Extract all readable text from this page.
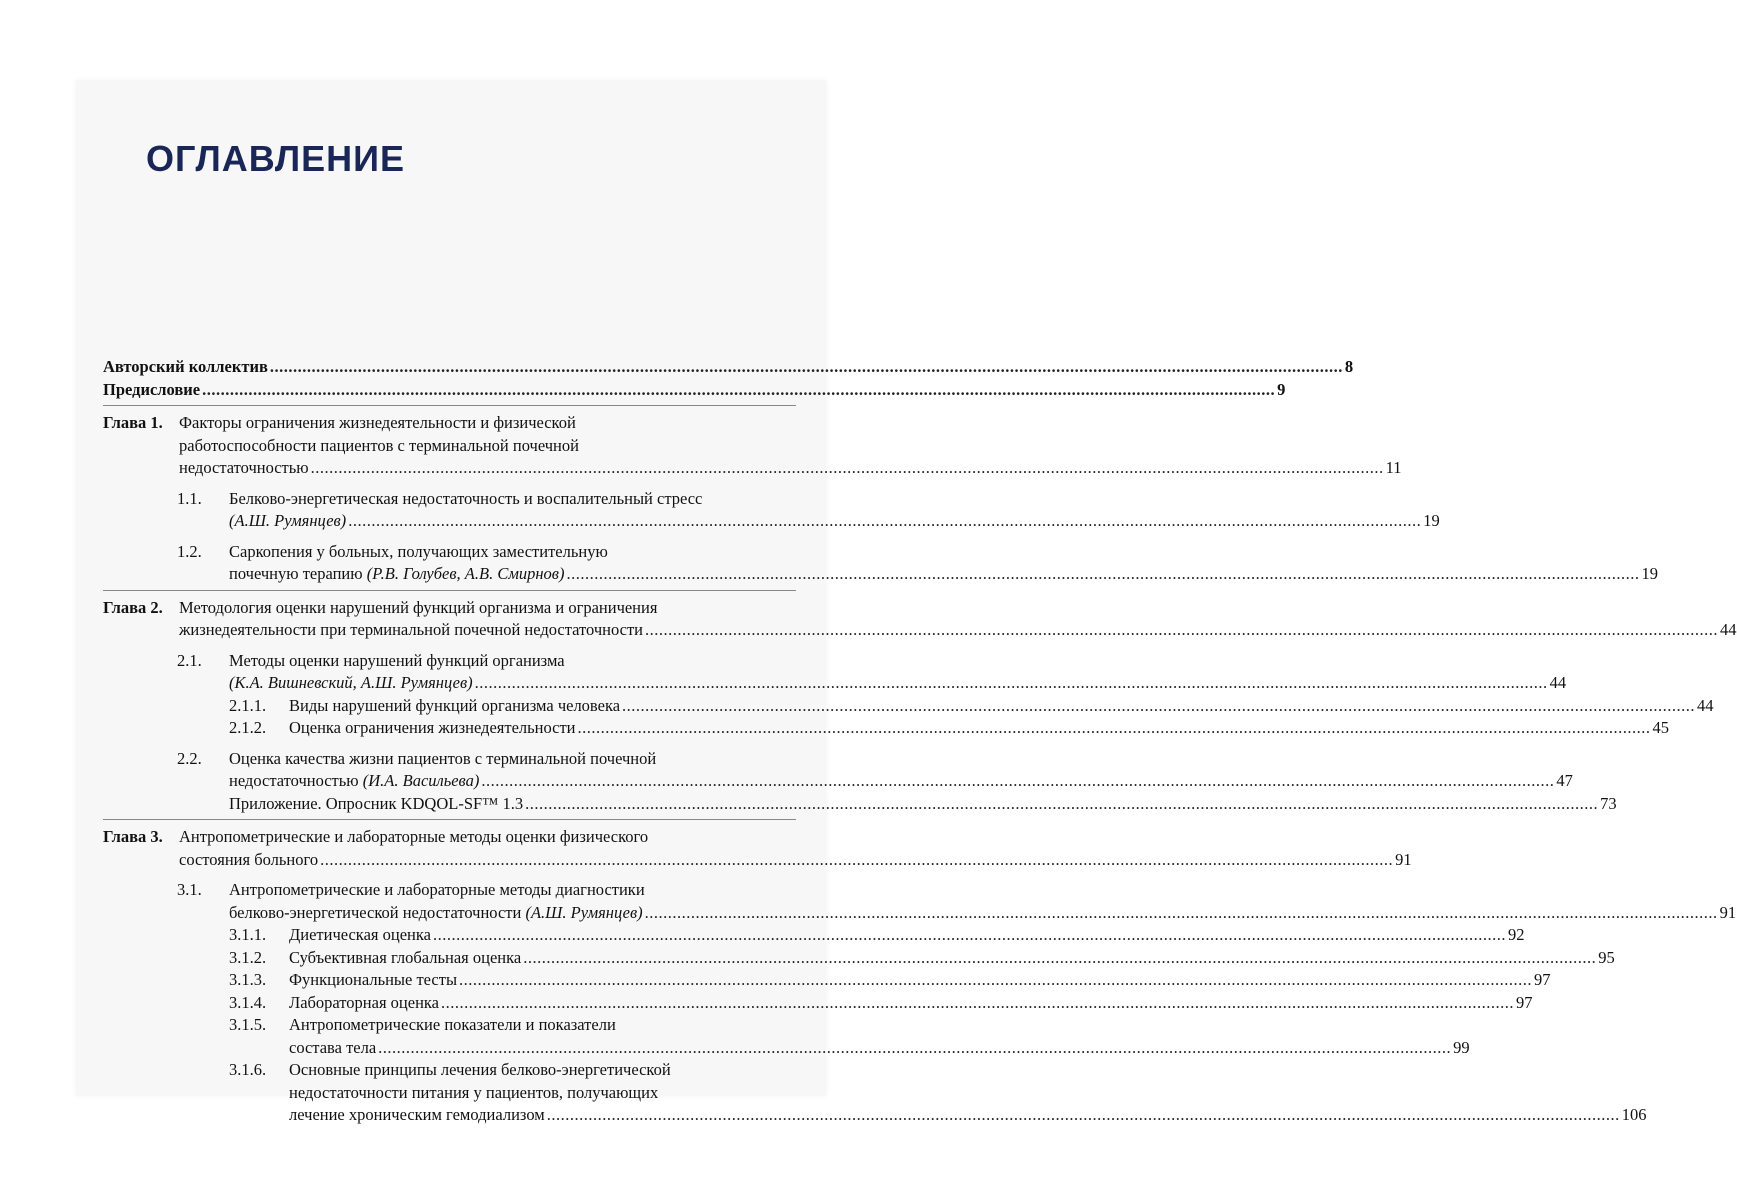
ОГЛАВЛЕНИЕ
Авторский коллектив .....	8
Предисловие .....	9
Глава 1. Факторы ограничения жизнедеятельности и физической
работоспособности пациентов с терминальной почечной
недостаточностью .....	11
1.1.	Белково-энергетическая недостаточность и воспалительный стресс
(А.Ш. Румянцев) .....	19
1.2.	Саркопения у больных, получающих заместительную
почечную терапию
(Р.В. Голубев, А.В. Смирнов) .....	19
Глава 2. Методология оценки нарушений функций организма и ограничения
жизнедеятельности при терминальной почечной недостаточности .....	44
2.1.	Методы оценки нарушений функций организма
(К.А. Вишневский, А.Ш. Румянцев) .....	44
2.1.1.	Виды нарушений функций организма человека .....	44
2.1.2.	Оценка ограничения жизнедеятельности .....	45
2.2.	Оценка качества жизни пациентов с терминальной почечной
недостаточностью
(И.А. Васильева) .....	47
Приложение. Опросник KDQOL-SF™ 1.3 .....	73
Глава 3. Антропометрические и лабораторные методы оценки физического
состояния больного .....	91
3.1.	Антропометрические и лабораторные методы диагностики
белково-энергетической недостаточности
(А.Ш. Румянцев) .....	91
3.1.1.	Диетическая оценка .....	92
3.1.2.	Субъективная глобальная оценка .....	95
3.1.3.	Функциональные тесты .....	97
3.1.4.	Лабораторная оценка .....	97
3.1.5.	Антропометрические показатели и показатели
состава тела .....	99
3.1.6.	Основные принципы лечения белково-энергетической
недостаточности питания у пациентов, получающих
лечение хроническим гемодиализом .....	106
